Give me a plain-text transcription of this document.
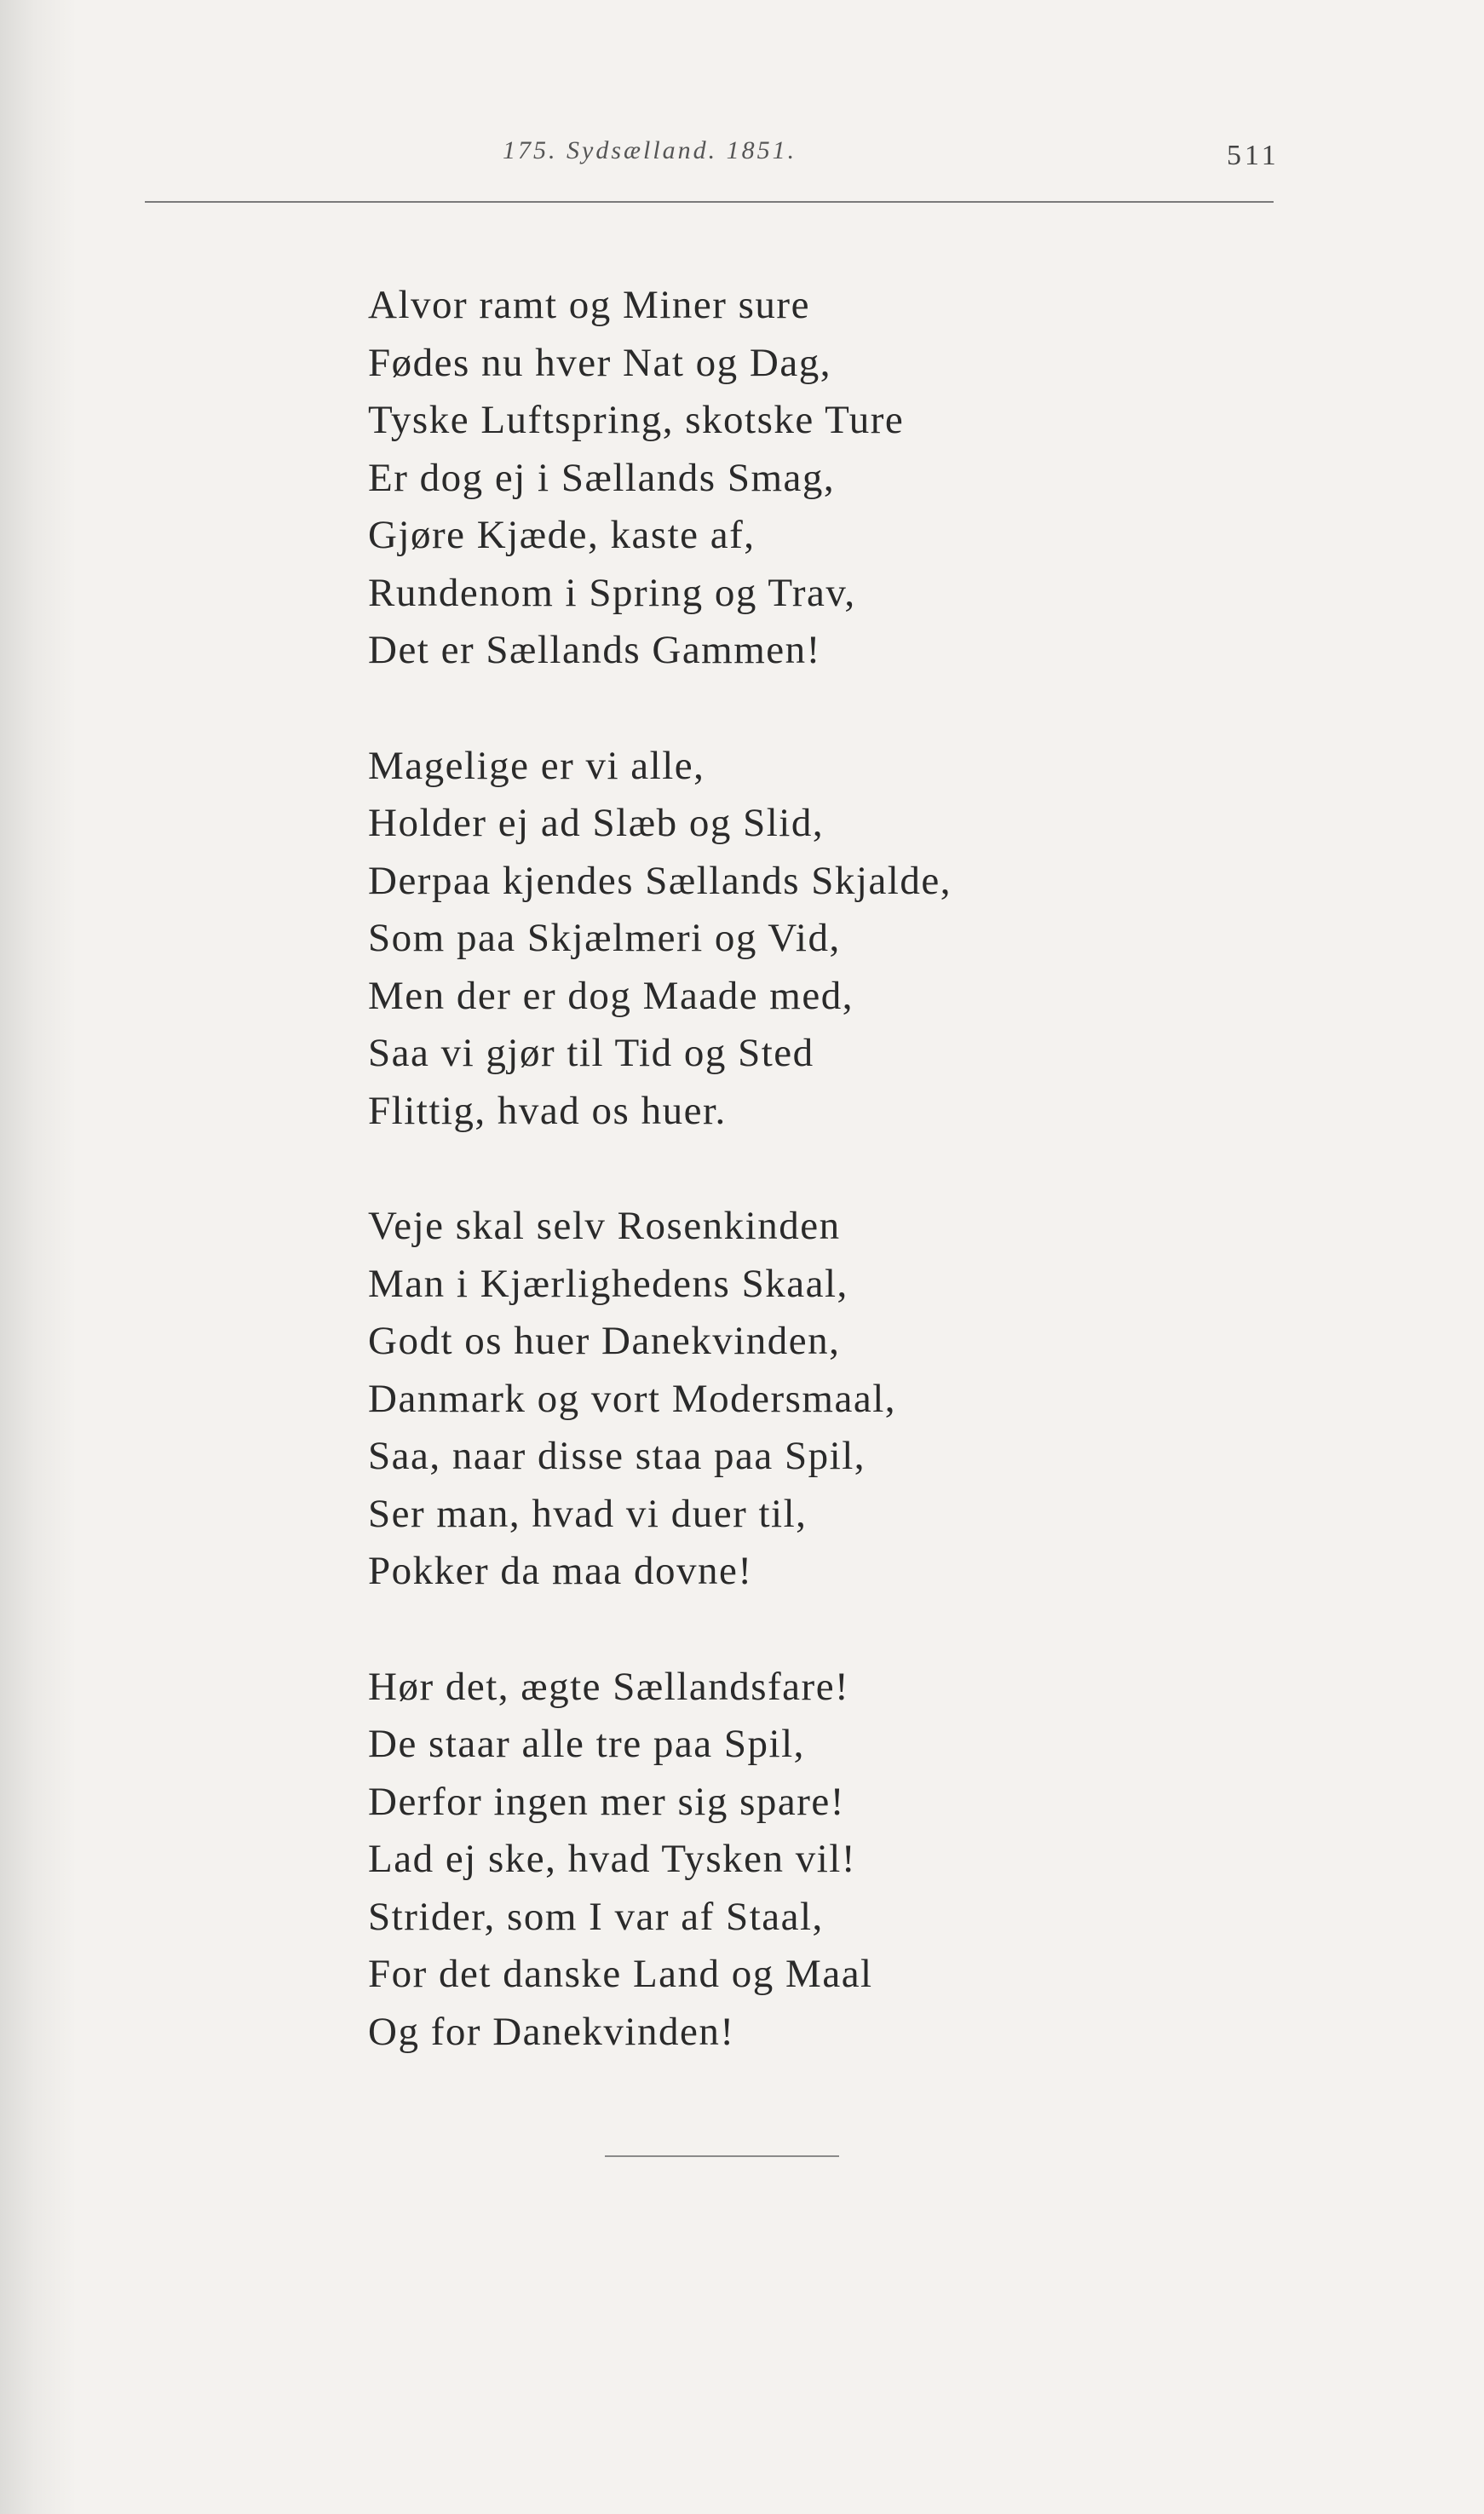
175. Sydsælland. 1851.	511
Alvor ramt og Miner sure
Fødes nu hver Nat og Dag,
Tyske Luftspring, skotske Ture
Er dog ej i Sællands Smag,
Gjøre Kjæde, kaste af,
Rundenom i Spring og Trav,
Det er Sællands Gammen!
Magelige er vi alle,
Holder ej ad Slæb og Slid,
Derpaa kjendes Sællands Skjalde,
Som paa Skjælmeri og Vid,
Men der er dog Maade med,
Saa vi gjør til Tid og Sted
Flittig, hvad os huer.
Veje skal selv Rosenkinden
Man i Kjærlighedens Skaal,
Godt os huer Danekvinden,
Danmark og vort Modersmaal,
Saa, naar disse staa paa Spil,
Ser man, hvad vi duer til,
Pokker da maa dovne!
Hør det, ægte Sællandsfare!
De staar alle tre paa Spil,
Derfor ingen mer sig spare!
Lad ej ske, hvad Tysken vil!
Strider, som I var af Staal,
For det danske Land og Maal
Og for Danekvinden!
